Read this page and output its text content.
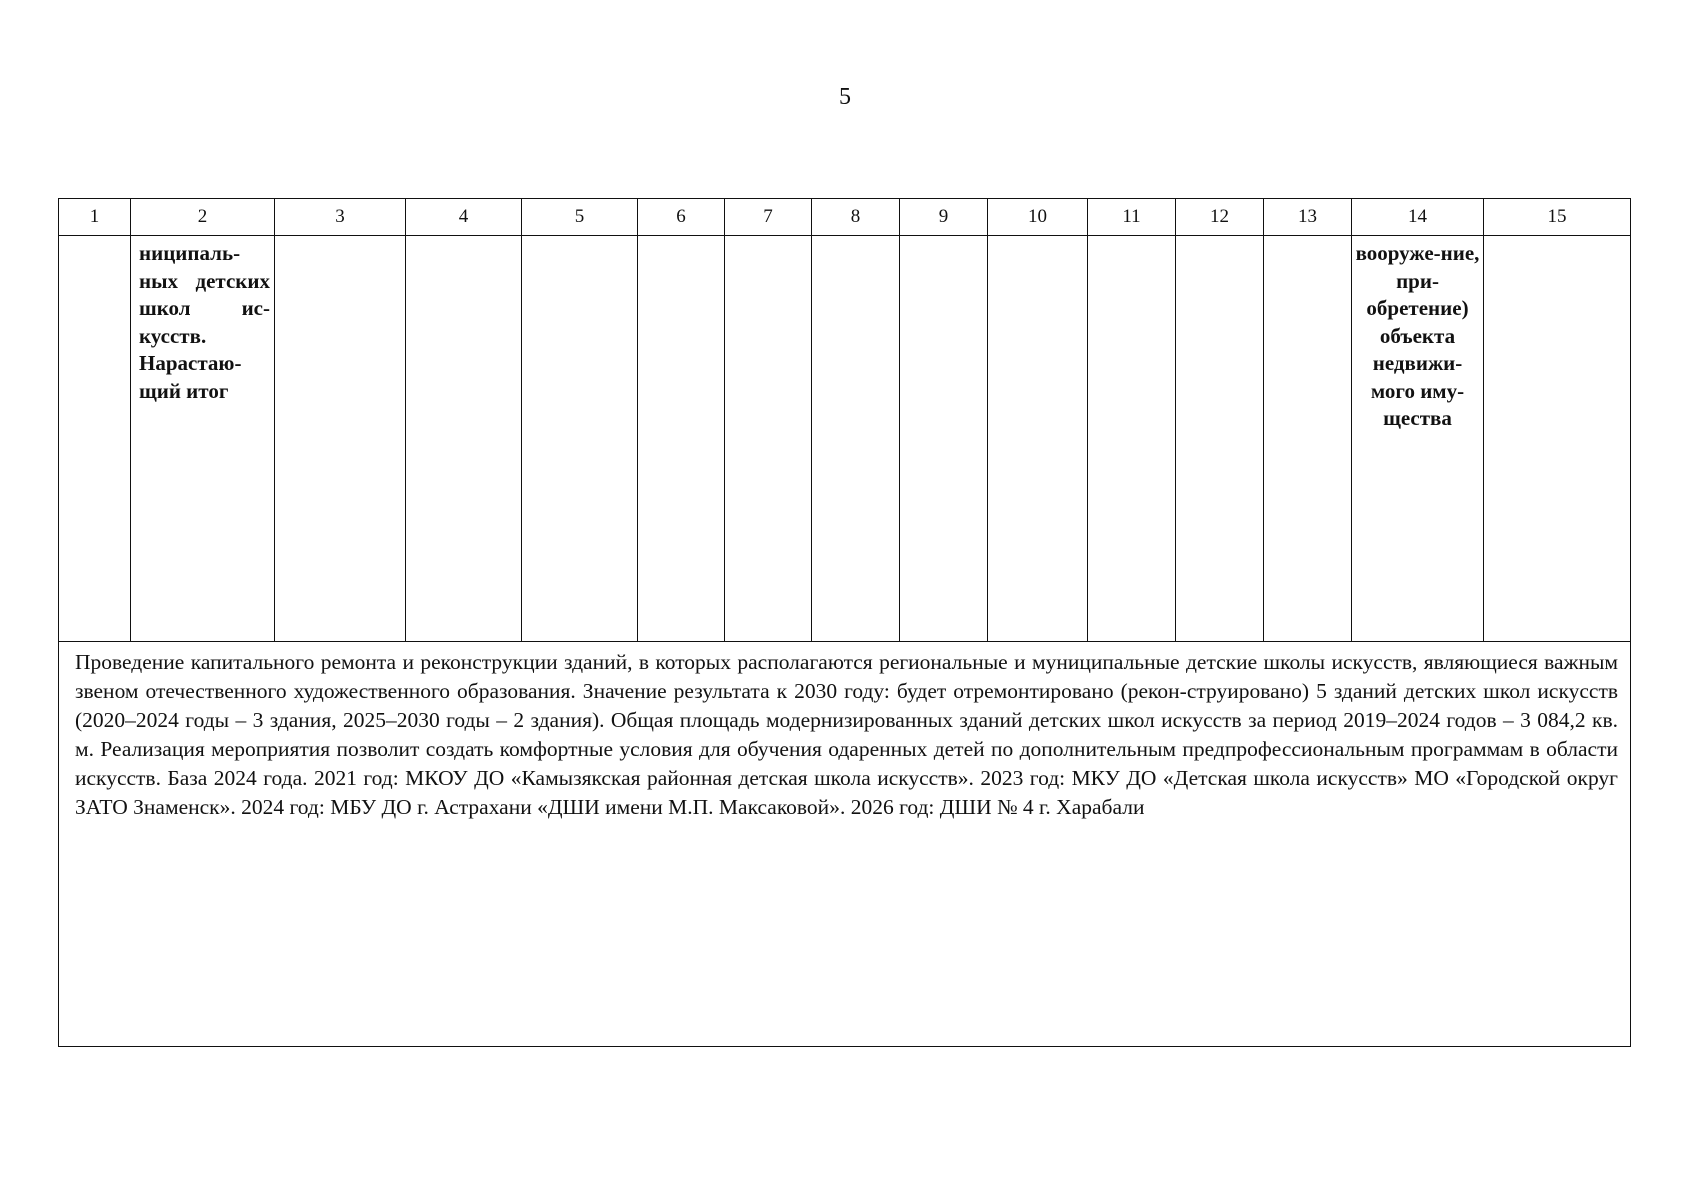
5
1	2	3	4	5	6	7	8	9	10	11	12	13	14	15

	ниципаль-
ных детских школ ис-кусств.
Нарастаю-щий итог												вооруже-ние, при-обретение) объекта недвижи-мого иму-щества	

Проведение капитального ремонта и реконструкции зданий, в которых располагаются региональные и муниципальные детские школы искусств, являющиеся важным звеном отечественного художественного образования. Значение результата к 2030 году: будет отремонтировано (рекон-струировано) 5 зданий детских школ искусств (2020–2024 годы – 3 здания, 2025–2030 годы – 2 здания). Общая площадь модернизированных зданий детских школ искусств за период 2019–2024 годов – 3 084,2 кв. м. Реализация мероприятия позволит создать комфортные условия для обучения одаренных детей по дополнительным предпрофессиональным программам в области искусств. База 2024 года. 2021 год: МКОУ ДО «Камызякская районная детская школа искусств». 2023 год: МКУ ДО «Детская школа искусств» МО «Городской округ ЗАТО Знаменск». 2024 год: МБУ ДО г. Астрахани «ДШИ имени М.П. Максаковой». 2026 год: ДШИ № 4 г. Харабали														
